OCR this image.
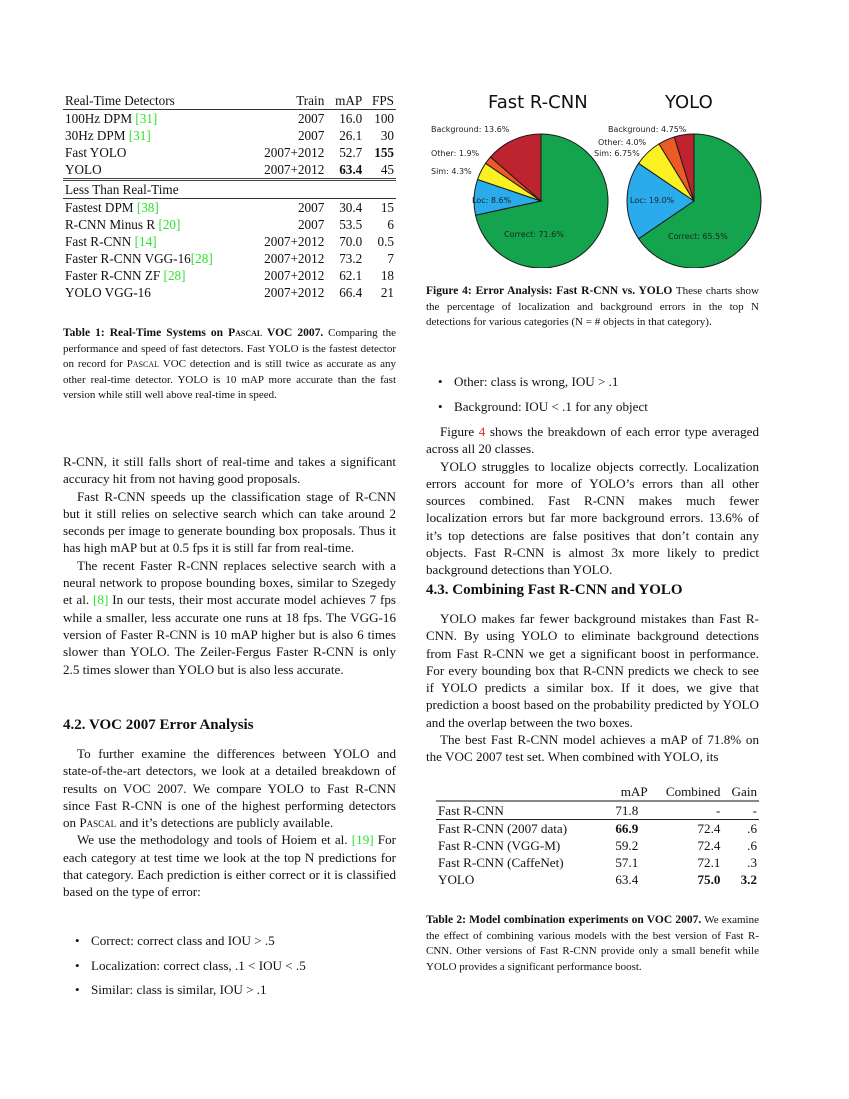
Real-Time Detectors	Train	mAP	FPS
100Hz DPM [31]	2007	16.0	100
30Hz DPM [31]	2007	26.1	30
Fast YOLO	2007+2012	52.7	155
YOLO	2007+2012	63.4	45
Less Than Real-Time			
Fastest DPM [38]	2007	30.4	15
R-CNN Minus R [20]	2007	53.5	6
Fast R-CNN [14]	2007+2012	70.0	0.5
Faster R-CNN VGG-16[28]	2007+2012	73.2	7
Faster R-CNN ZF [28]	2007+2012	62.1	18
YOLO VGG-16	2007+2012	66.4	21
Table 1: Real-Time Systems on Pascal VOC 2007. Comparing the performance and speed of fast detectors. Fast YOLO is the fastest detector on record for Pascal VOC detection and is still twice as accurate as any other real-time detector. YOLO is 10 mAP more accurate than the fast version while still well above real-time in speed.

R-CNN, it still falls short of real-time and takes a significant accuracy hit from not having good proposals.

Fast R-CNN speeds up the classification stage of R-CNN but it still relies on selective search which can take around 2 seconds per image to generate bounding box proposals. Thus it has high mAP but at 0.5 fps it is still far from real-time.

The recent Faster R-CNN replaces selective search with a neural network to propose bounding boxes, similar to Szegedy et al. [8] In our tests, their most accurate model achieves 7 fps while a smaller, less accurate one runs at 18 fps. The VGG-16 version of Faster R-CNN is 10 mAP higher but is also 6 times slower than YOLO. The Zeiler-Fergus Faster R-CNN is only 2.5 times slower than YOLO but is also less accurate.

4.2. VOC 2007 Error Analysis

To further examine the differences between YOLO and state-of-the-art detectors, we look at a detailed breakdown of results on VOC 2007. We compare YOLO to Fast R-CNN since Fast R-CNN is one of the highest performing detectors on Pascal and it’s detections are publicly available.

We use the methodology and tools of Hoiem et al. [19] For each category at test time we look at the top N predictions for that category. Each prediction is either correct or it is classified based on the type of error:

• Correct: correct class and IOU > .5
• Localization: correct class, .1 < IOU < .5
• Similar: class is similar, IOU > .1
Fast R-CNN	YOLO
Background: 13.6%
Other: 1.9%
Sim: 4.3%
Loc: 8.6%
Correct: 71.6%
Background: 4.75%
Other: 4.0%
Sim: 6.75%
Loc: 19.0%
Correct: 65.5%
Figure 4: Error Analysis: Fast R-CNN vs. YOLO These charts show the percentage of localization and background errors in the top N detections for various categories (N = # objects in that category).
• Other: class is wrong, IOU > .1
• Background: IOU < .1 for any object

Figure 4 shows the breakdown of each error type averaged across all 20 classes.

YOLO struggles to localize objects correctly. Localization errors account for more of YOLO’s errors than all other sources combined. Fast R-CNN makes much fewer localization errors but far more background errors. 13.6% of it’s top detections are false positives that don’t contain any objects. Fast R-CNN is almost 3x more likely to predict background detections than YOLO.

4.3. Combining Fast R-CNN and YOLO

YOLO makes far fewer background mistakes than Fast R-CNN. By using YOLO to eliminate background detections from Fast R-CNN we get a significant boost in performance. For every bounding box that R-CNN predicts we check to see if YOLO predicts a similar box. If it does, we give that prediction a boost based on the probability predicted by YOLO and the overlap between the two boxes.

The best Fast R-CNN model achieves a mAP of 71.8% on the VOC 2007 test set. When combined with YOLO, its

	mAP	Combined	Gain
Fast R-CNN	71.8	-	-
Fast R-CNN (2007 data)	66.9	72.4	.6
Fast R-CNN (VGG-M)	59.2	72.4	.6
Fast R-CNN (CaffeNet)	57.1	72.1	.3
YOLO	63.4	75.0	3.2
Table 2: Model combination experiments on VOC 2007. We examine the effect of combining various models with the best version of Fast R-CNN. Other versions of Fast R-CNN provide only a small benefit while YOLO provides a significant performance boost.
